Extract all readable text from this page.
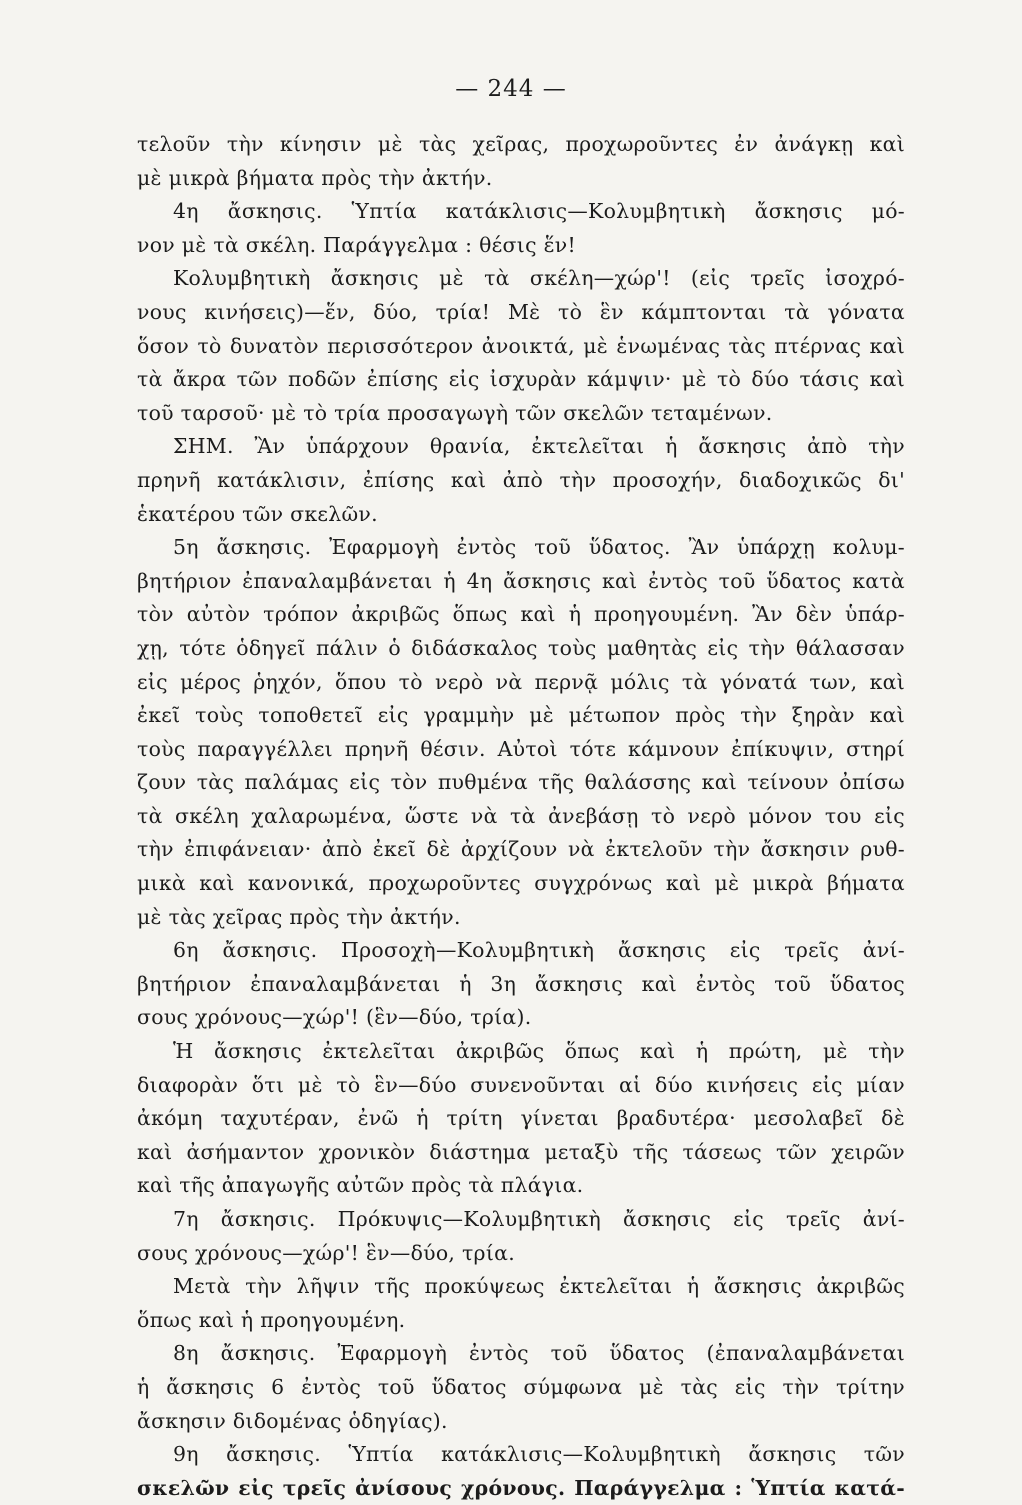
— 244 —
τελοῦν τὴν κίνησιν μὲ τὰς χεῖρας, προχωροῦντες ἐν ἀνάγκῃ καὶ
μὲ μικρὰ βήματα πρὸς τὴν ἀκτήν.
4η ἄσκησις. Ὑπτία κατάκλισις—Κολυμβητικὴ ἄσκησις μό-
νον μὲ τὰ σκέλη. Παράγγελμα : θέσις ἕν!
Κολυμβητικὴ ἄσκησις μὲ τὰ σκέλη—χώρ'! (εἰς τρεῖς ἰσοχρό-
νους κινήσεις)—ἕν, δύο, τρία! Μὲ τὸ ἓν κάμπτονται τὰ γόνατα
ὅσον τὸ δυνατὸν περισσότερον ἀνοικτά, μὲ ἑνωμένας τὰς πτέρνας καὶ
τὰ ἄκρα τῶν ποδῶν ἐπίσης εἰς ἰσχυρὰν κάμψιν· μὲ τὸ δύο τάσις καὶ
τοῦ ταρσοῦ· μὲ τὸ τρία προσαγωγὴ τῶν σκελῶν τεταμένων.
ΣΗΜ. Ἂν ὑπάρχουν θρανία, ἐκτελεῖται ἡ ἄσκησις ἀπὸ τὴν
πρηνῆ κατάκλισιν, ἐπίσης καὶ ἀπὸ τὴν προσοχήν, διαδοχικῶς δι'
ἑκατέρου τῶν σκελῶν.
5η ἄσκησις. Ἐφαρμογὴ ἐντὸς τοῦ ὕδατος. Ἂν ὑπάρχῃ κολυμ-
βητήριον ἐπαναλαμβάνεται ἡ 4η ἄσκησις καὶ ἐντὸς τοῦ ὕδατος κατὰ
τὸν αὐτὸν τρόπον ἀκριβῶς ὅπως καὶ ἡ προηγουμένη. Ἂν δὲν ὑπάρ-
χῃ, τότε ὁδηγεῖ πάλιν ὁ διδάσκαλος τοὺς μαθητὰς εἰς τὴν θάλασσαν
εἰς μέρος ῥηχόν, ὅπου τὸ νερὸ νὰ περνᾷ μόλις τὰ γόνατά των, καὶ
ἐκεῖ τοὺς τοποθετεῖ εἰς γραμμὴν μὲ μέτωπον πρὸς τὴν ξηρὰν καὶ
τοὺς παραγγέλλει πρηνῆ θέσιν. Αὐτοὶ τότε κάμνουν ἐπίκυψιν, στηρί
ζουν τὰς παλάμας εἰς τὸν πυθμένα τῆς θαλάσσης καὶ τείνουν ὀπίσω
τὰ σκέλη χαλαρωμένα, ὥστε νὰ τὰ ἀνεβάσῃ τὸ νερὸ μόνον του εἰς
τὴν ἐπιφάνειαν· ἀπὸ ἐκεῖ δὲ ἀρχίζουν νὰ ἐκτελοῦν τὴν ἄσκησιν ρυθ-
μικὰ καὶ κανονικά, προχωροῦντες συγχρόνως καὶ μὲ μικρὰ βήματα
μὲ τὰς χεῖρας πρὸς τὴν ἀκτήν.
6η ἄσκησις. Προσοχὴ—Κολυμβητικὴ ἄσκησις εἰς τρεῖς ἀνί-
βητήριον ἐπαναλαμβάνεται ἡ 3η ἄσκησις καὶ ἐντὸς τοῦ ὕδατος
σους χρόνους—χώρ'! (ἓν—δύο, τρία).
Ἡ ἄσκησις ἐκτελεῖται ἀκριβῶς ὅπως καὶ ἡ πρώτη, μὲ τὴν
διαφορὰν ὅτι μὲ τὸ ἓν—δύο συνενοῦνται αἱ δύο κινήσεις εἰς μίαν
ἀκόμη ταχυτέραν, ἐνῶ ἡ τρίτη γίνεται βραδυτέρα· μεσολαβεῖ δὲ
καὶ ἀσήμαντον χρονικὸν διάστημα μεταξὺ τῆς τάσεως τῶν χειρῶν
καὶ τῆς ἀπαγωγῆς αὐτῶν πρὸς τὰ πλάγια.
7η ἄσκησις. Πρόκυψις—Κολυμβητικὴ ἄσκησις εἰς τρεῖς ἀνί-
σους χρόνους—χώρ'! ἓν—δύο, τρία.
Μετὰ τὴν λῆψιν τῆς προκύψεως ἐκτελεῖται ἡ ἄσκησις ἀκριβῶς
ὅπως καὶ ἡ προηγουμένη.
8η ἄσκησις. Ἐφαρμογὴ ἐντὸς τοῦ ὕδατος (ἐπαναλαμβάνεται
ἡ ἄσκησις 6 ἐντὸς τοῦ ὕδατος σύμφωνα μὲ τὰς εἰς τὴν τρίτην
ἄσκησιν διδομένας ὁδηγίας).
9η ἄσκησις. Ὑπτία κατάκλισις—Κολυμβητικὴ ἄσκησις τῶν
σκελῶν εἰς τρεῖς ἀνίσους χρόνους. Παράγγελμα : Ὑπτία κατά-
